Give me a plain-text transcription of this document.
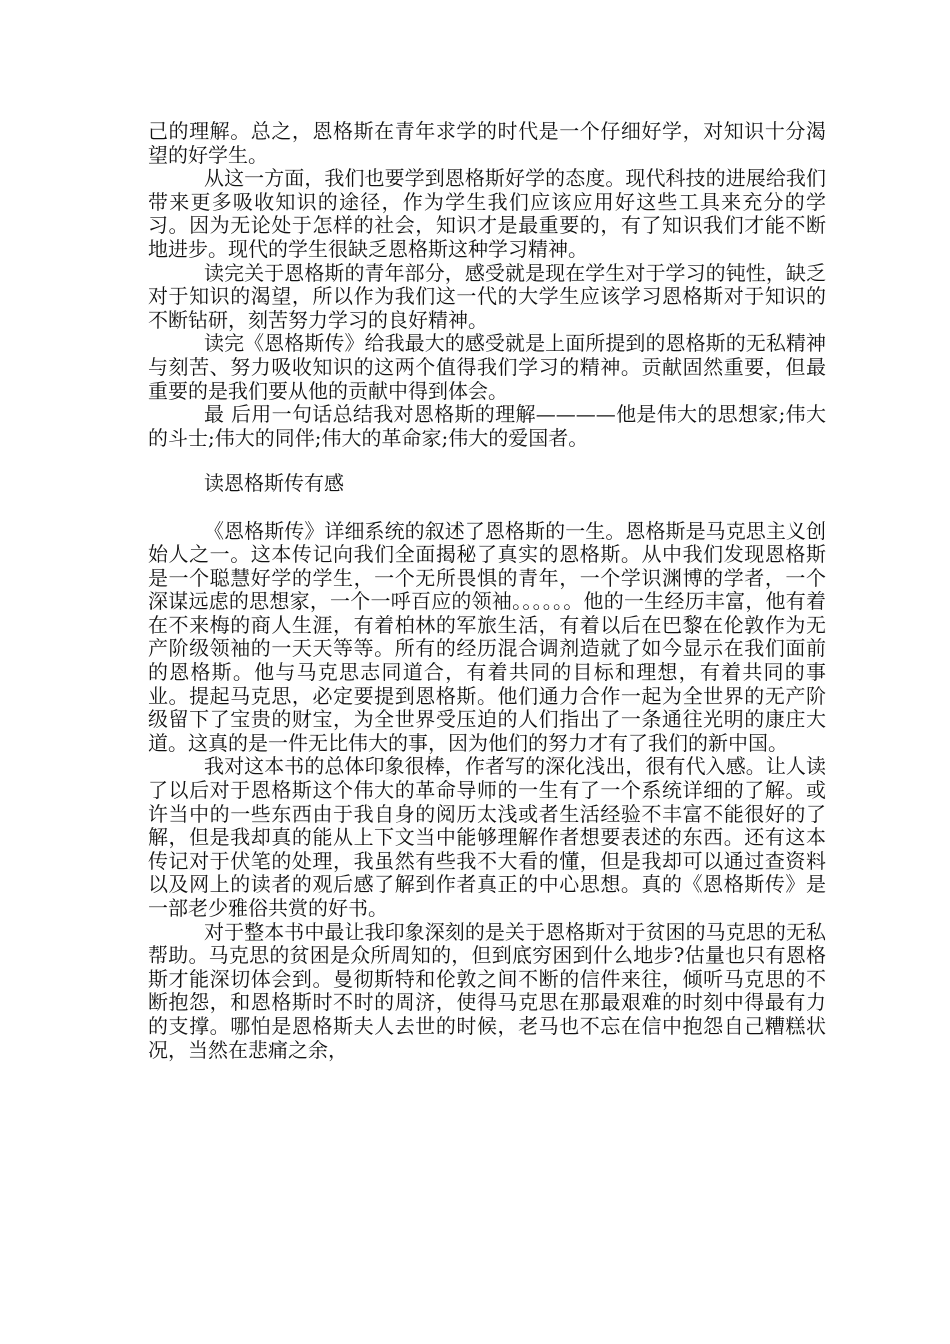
己的理解。总之，恩格斯在青年求学的时代是一个仔细好学，对知识十分渴望的好学生。

从这一方面，我们也要学到恩格斯好学的态度。现代科技的进展给我们带来更多吸收知识的途径，作为学生我们应该应用好这些工具来充分的学习。因为无论处于怎样的社会，知识才是最重要的，有了知识我们才能不断地进步。现代的学生很缺乏恩格斯这种学习精神。

读完关于恩格斯的青年部分，感受就是现在学生对于学习的钝性，缺乏对于知识的渴望，所以作为我们这一代的大学生应该学习恩格斯对于知识的不断钻研，刻苦努力学习的良好精神。

读完《恩格斯传》给我最大的感受就是上面所提到的恩格斯的无私精神与刻苦、努力吸收知识的这两个值得我们学习的精神。贡献固然重要，但最重要的是我们要从他的贡献中得到体会。

最 后用一句话总结我对恩格斯的理解————他是伟大的思想家;伟大的斗士;伟大的同伴;伟大的革命家;伟大的爱国者。

读恩格斯传有感

《恩格斯传》详细系统的叙述了恩格斯的一生。恩格斯是马克思主义创始人之一。这本传记向我们全面揭秘了真实的恩格斯。从中我们发现恩格斯是一个聪慧好学的学生，一个无所畏惧的青年，一个学识渊博的学者，一个深谋远虑的思想家，一个一呼百应的领袖。。。。。。他的一生经历丰富，他有着在不来梅的商人生涯，有着柏林的军旅生活，有着以后在巴黎在伦敦作为无产阶级领袖的一天天等等。所有的经历混合调剂造就了如今显示在我们面前的恩格斯。他与马克思志同道合，有着共同的目标和理想，有着共同的事业。提起马克思，必定要提到恩格斯。他们通力合作一起为全世界的无产阶级留下了宝贵的财宝，为全世界受压迫的人们指出了一条通往光明的康庄大道。这真的是一件无比伟大的事，因为他们的努力才有了我们的新中国。

我对这本书的总体印象很棒，作者写的深化浅出，很有代入感。让人读了以后对于恩格斯这个伟大的革命导师的一生有了一个系统详细的了解。或许当中的一些东西由于我自身的阅历太浅或者生活经验不丰富不能很好的了解，但是我却真的能从上下文当中能够理解作者想要表述的东西。还有这本传记对于伏笔的处理，我虽然有些我不大看的懂，但是我却可以通过查资料以及网上的读者的观后感了解到作者真正的中心思想。真的《恩格斯传》是一部老少雅俗共赏的好书。

对于整本书中最让我印象深刻的是关于恩格斯对于贫困的马克思的无私帮助。马克思的贫困是众所周知的，但到底穷困到什么地步?估量也只有恩格斯才能深切体会到。曼彻斯特和伦敦之间不断的信件来往，倾听马克思的不断抱怨，和恩格斯时不时的周济，使得马克思在那最艰难的时刻中得最有力的支撑。哪怕是恩格斯夫人去世的时候，老马也不忘在信中抱怨自己糟糕状况，当然在悲痛之余，
